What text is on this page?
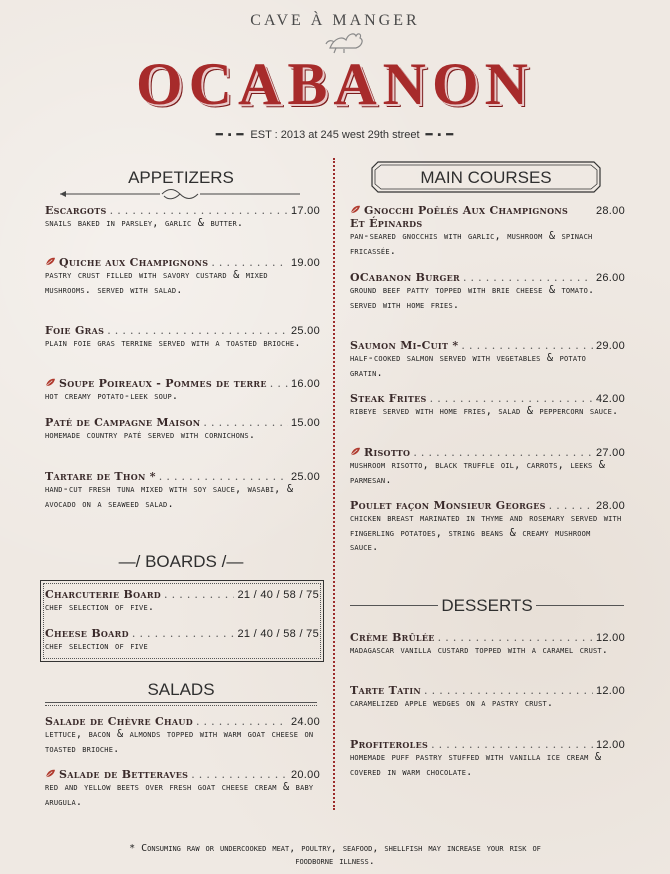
CAVE À MANGER
OCABANON
━ ▪ ━ EST : 2013 at 245 west 29th street ━ ▪ ━
APPETIZERS
Escargots . . .	17.00
snails baked in parsley, garlic & butter.
Quiche aux Champignons . . .	19.00
pastry crust filled with savory custard & mixed mushrooms. served with salad.
Foie Gras . . .	25.00
plain foie gras terrine served with a toasted brioche.
Soupe Poireaux - Pommes de terre . . . 16.00
hot creamy potato-leek soup.
Paté de Campagne Maison . . .	15.00
homemade country paté served with cornichons.
Tartare de Thon * . . .	25.00
hand-cut fresh tuna mixed with soy sauce, wasabi, & avocado on a seaweed salad.
—/ BOARDS /—
Charcuterie Board . . .	21 / 40 / 58 / 75
chef selection of five.
Cheese Board . . .	21 / 40 / 58 / 75
chef selection of five
SALADS
Salade de Chèvre Chaud . . .	24.00
lettuce, bacon & almonds topped with warm goat cheese on toasted brioche.
Salade de Betteraves . . .	20.00
red and yellow beets over fresh goat cheese cream & baby arugula.
MAIN COURSES
Gnocchi Poêlés Aux Champignons	28.00
Et Épinards
pan-seared gnocchis with garlic, mushroom & spinach fricassée.
OCabanon Burger . . .	26.00
ground beef patty topped with brie cheese & tomato. served with home fries.
Saumon Mi-Cuit * . . .	29.00
half-cooked salmon served with vegetables & potato gratin.
Steak Frites . . .	42.00
ribeye served with home fries, salad & peppercorn sauce.
Risotto . . .	27.00
mushroom risotto, black truffle oil, carrots, leeks & parmesan.
Poulet façon Monsieur Georges . . .	28.00
chicken breast marinated in thyme and rosemary served with fingerling potatoes, string beans & creamy mushroom sauce.
DESSERTS
Crème Brûlée . . .	12.00
madagascar vanilla custard topped with a caramel crust.
Tarte Tatin . . .	12.00
caramelized apple wedges on a pastry crust.
Profiteroles . . .	12.00
homemade puff pastry stuffed with vanilla ice cream & covered in warm chocolate.
* Consuming raw or undercooked meat, poultry, seafood, shellfish may increase your risk of
foodborne illness.
